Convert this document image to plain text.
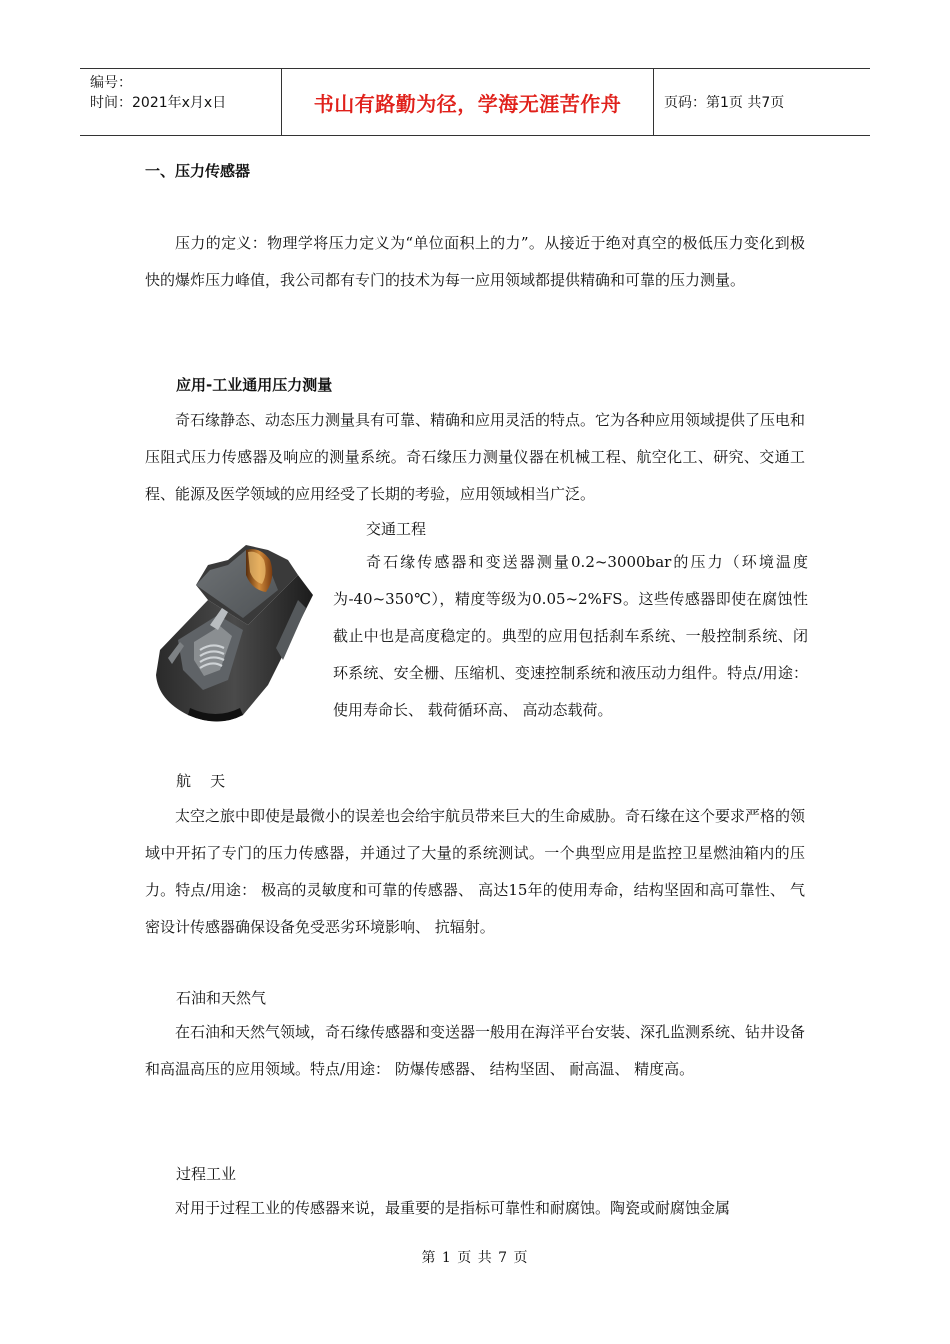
编号：
时间：2021年x月x日	书山有路勤为径，学海无涯苦作舟	页码：第1页 共7页
一、压力传感器

压力的定义：物理学将压力定义为“单位面积上的力”。从接近于绝对真空的极低压力变化到极快的爆炸压力峰值，我公司都有专门的技术为每一应用领域都提供精确和可靠的压力测量。

应用-工业通用压力测量

奇石缘静态、动态压力测量具有可靠、精确和应用灵活的特点。它为各种应用领域提供了压电和压阻式压力传感器及响应的测量系统。奇石缘压力测量仪器在机械工程、航空化工、研究、交通工程、能源及医学领域的应用经受了长期的考验，应用领域相当广泛。

交通工程

奇石缘传感器和变送器测量0.2~3000bar的压力（环境温度为-40~350℃），精度等级为0.05~2%FS。这些传感器即使在腐蚀性截止中也是高度稳定的。典型的应用包括刹车系统、一般控制系统、闭环系统、安全栅、压缩机、变速控制系统和液压动力组件。特点/用途： 使用寿命长、 载荷循环高、 高动态载荷。

航    天

太空之旅中即使是最微小的误差也会给宇航员带来巨大的生命威胁。奇石缘在这个要求严格的领域中开拓了专门的压力传感器，并通过了大量的系统测试。一个典型应用是监控卫星燃油箱内的压力。特点/用途： 极高的灵敏度和可靠的传感器、 高达15年的使用寿命，结构坚固和高可靠性、 气密设计传感器确保设备免受恶劣环境影响、 抗辐射。

石油和天然气

在石油和天然气领域，奇石缘传感器和变送器一般用在海洋平台安装、深孔监测系统、钻井设备和高温高压的应用领域。特点/用途： 防爆传感器、 结构坚固、 耐高温、 精度高。

过程工业

对用于过程工业的传感器来说，最重要的是指标可靠性和耐腐蚀。陶瓷或耐腐蚀金属

第 1 页 共 7 页
